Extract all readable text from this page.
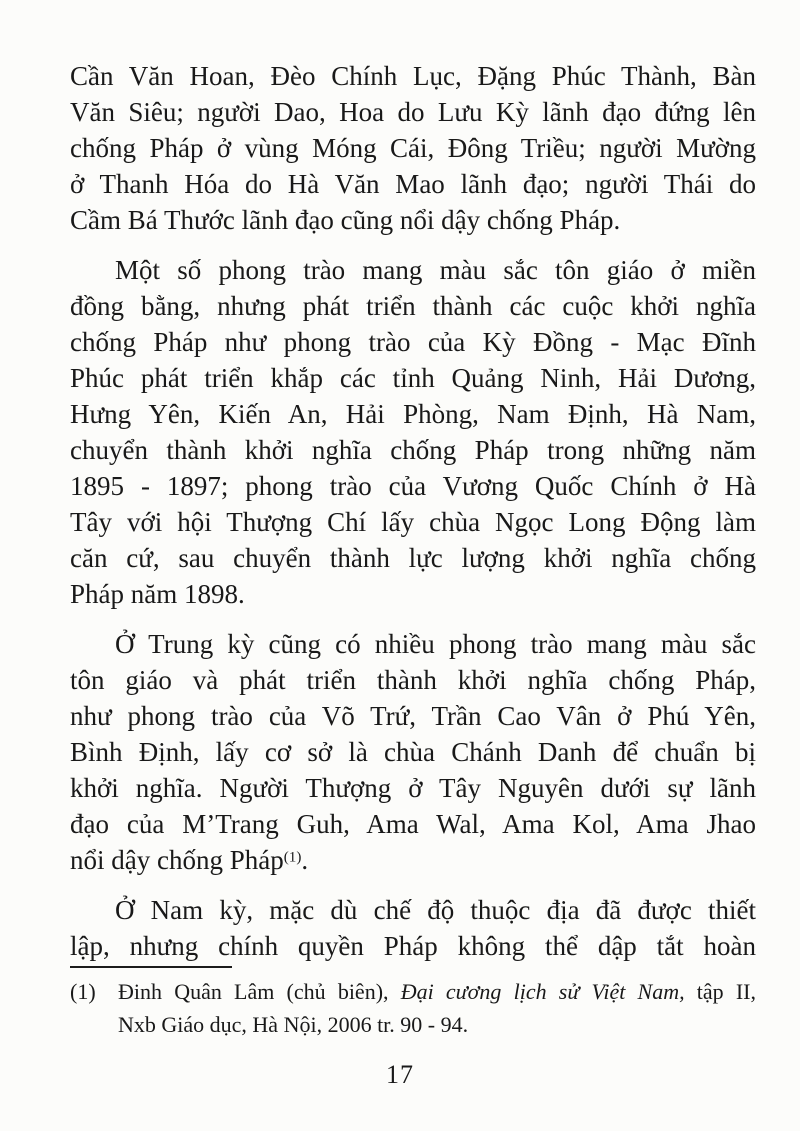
Cần Văn Hoan, Đèo Chính Lục, Đặng Phúc Thành, Bàn
Văn Siêu; người Dao, Hoa do Lưu Kỳ lãnh đạo đứng lên
chống Pháp ở vùng Móng Cái, Đông Triều; người Mường
ở Thanh Hóa do Hà Văn Mao lãnh đạo; người Thái do
Cầm Bá Thước lãnh đạo cũng nổi dậy chống Pháp.
Một số phong trào mang màu sắc tôn giáo ở miền
đồng bằng, nhưng phát triển thành các cuộc khởi nghĩa
chống Pháp như phong trào của Kỳ Đồng - Mạc Đĩnh
Phúc phát triển khắp các tỉnh Quảng Ninh, Hải Dương,
Hưng Yên, Kiến An, Hải Phòng, Nam Định, Hà Nam,
chuyển thành khởi nghĩa chống Pháp trong những năm
1895 - 1897; phong trào của Vương Quốc Chính ở Hà
Tây với hội Thượng Chí lấy chùa Ngọc Long Động làm
căn cứ, sau chuyển thành lực lượng khởi nghĩa chống
Pháp năm 1898.
Ở Trung kỳ cũng có nhiều phong trào mang màu sắc
tôn giáo và phát triển thành khởi nghĩa chống Pháp,
như phong trào của Võ Trứ, Trần Cao Vân ở Phú Yên,
Bình Định, lấy cơ sở là chùa Chánh Danh để chuẩn bị
khởi nghĩa. Người Thượng ở Tây Nguyên dưới sự lãnh
đạo của M’Trang Guh, Ama Wal, Ama Kol, Ama Jhao
nổi dậy chống Pháp$^{(1)}$.
Ở Nam kỳ, mặc dù chế độ thuộc địa đã được thiết
lập, nhưng chính quyền Pháp không thể dập tắt hoàn
(1)	Đinh Quân Lâm (chủ biên), Đại cương lịch sử Việt Nam, tập II,
Nxb Giáo dục, Hà Nội, 2006 tr. 90 - 94.
17
